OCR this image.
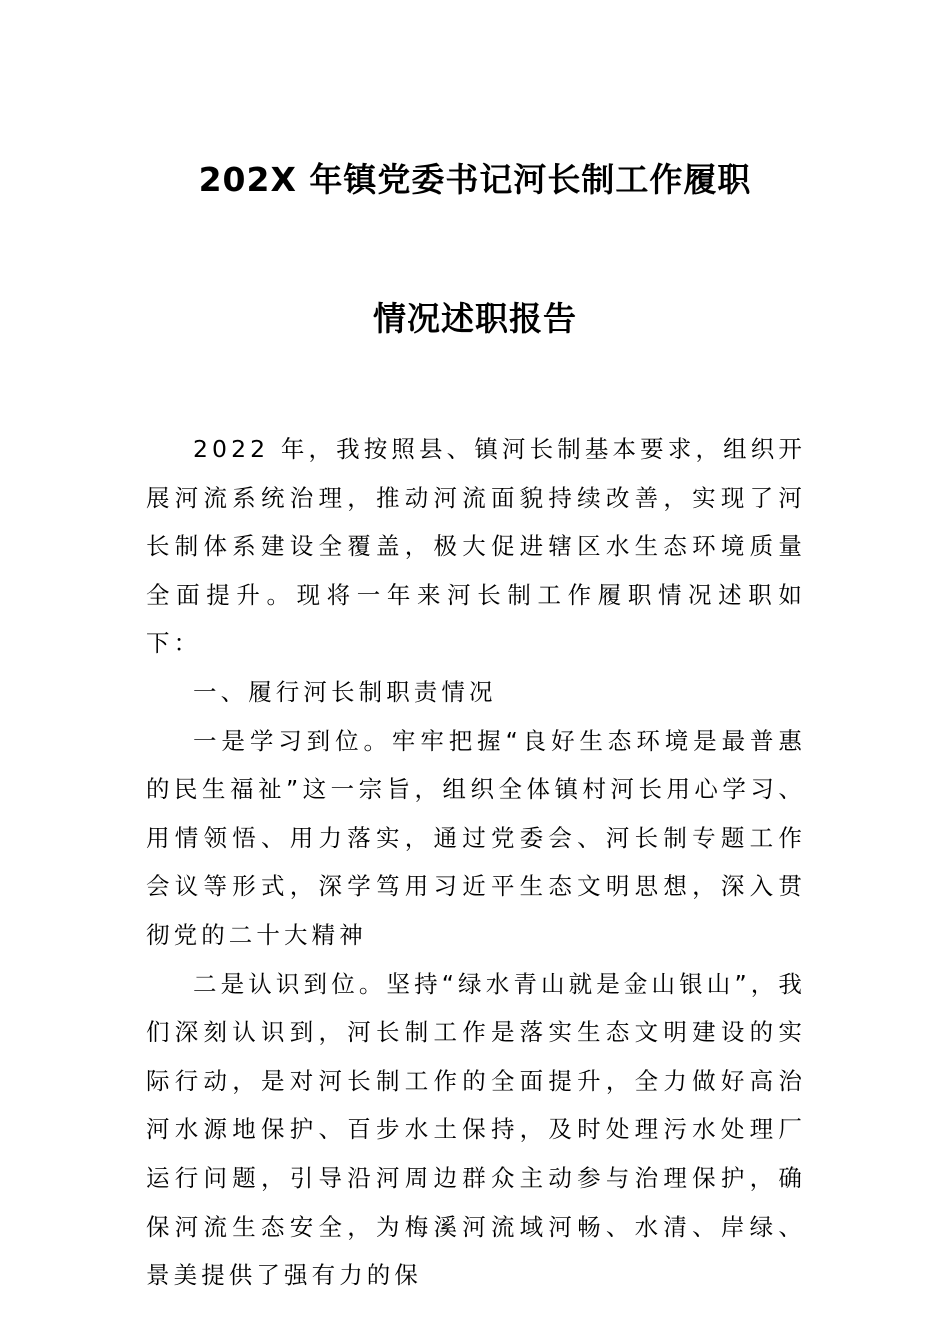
202X 年镇党委书记河长制工作履职
情况述职报告

2022 年，我按照县、镇河长制基本要求，组织开展河流系统治理，推动河流面貌持续改善，实现了河长制体系建设全覆盖，极大促进辖区水生态环境质量全面提升。现将一年来河长制工作履职情况述职如下：

一、履行河长制职责情况

一是学习到位。牢牢把握“良好生态环境是最普惠的民生福祉”这一宗旨，组织全体镇村河长用心学习、用情领悟、用力落实，通过党委会、河长制专题工作会议等形式，深学笃用习近平生态文明思想，深入贯彻党的二十大精神

二是认识到位。坚持“绿水青山就是金山银山”，我们深刻认识到，河长制工作是落实生态文明建设的实际行动，是对河长制工作的全面提升，全力做好高治河水源地保护、百步水土保持，及时处理污水处理厂运行问题，引导沿河周边群众主动参与治理保护，确保河流生态安全，为梅溪河流域河畅、水清、岸绿、景美提供了强有力的保
